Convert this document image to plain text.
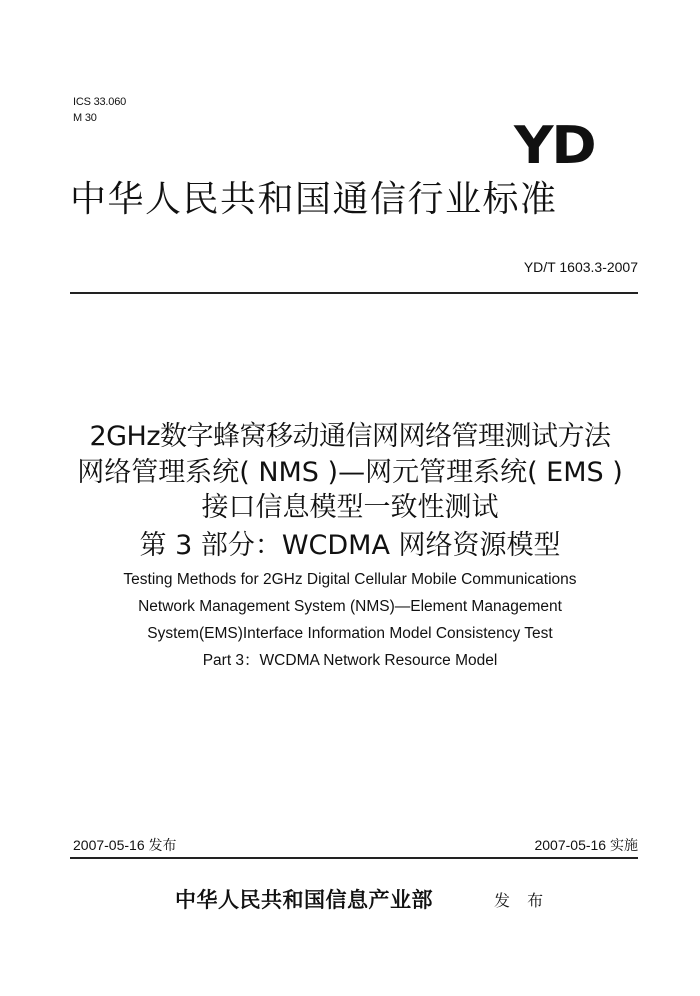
ICS 33.060
M 30	YD
中华人民共和国通信行业标准
YD/T 1603.3-2007
2GHz数字蜂窝移动通信网网络管理测试方法
网络管理系统( NMS )—网元管理系统( EMS )
接口信息模型一致性测试
第 3 部分：WCDMA 网络资源模型
Testing Methods for 2GHz Digital Cellular Mobile Communications
Network Management System (NMS)—Element Management
System(EMS)Interface Information Model Consistency Test
Part 3：WCDMA Network Resource Model
2007-05-16 发布	2007-05-16 实施
中华人民共和国信息产业部	发 布
